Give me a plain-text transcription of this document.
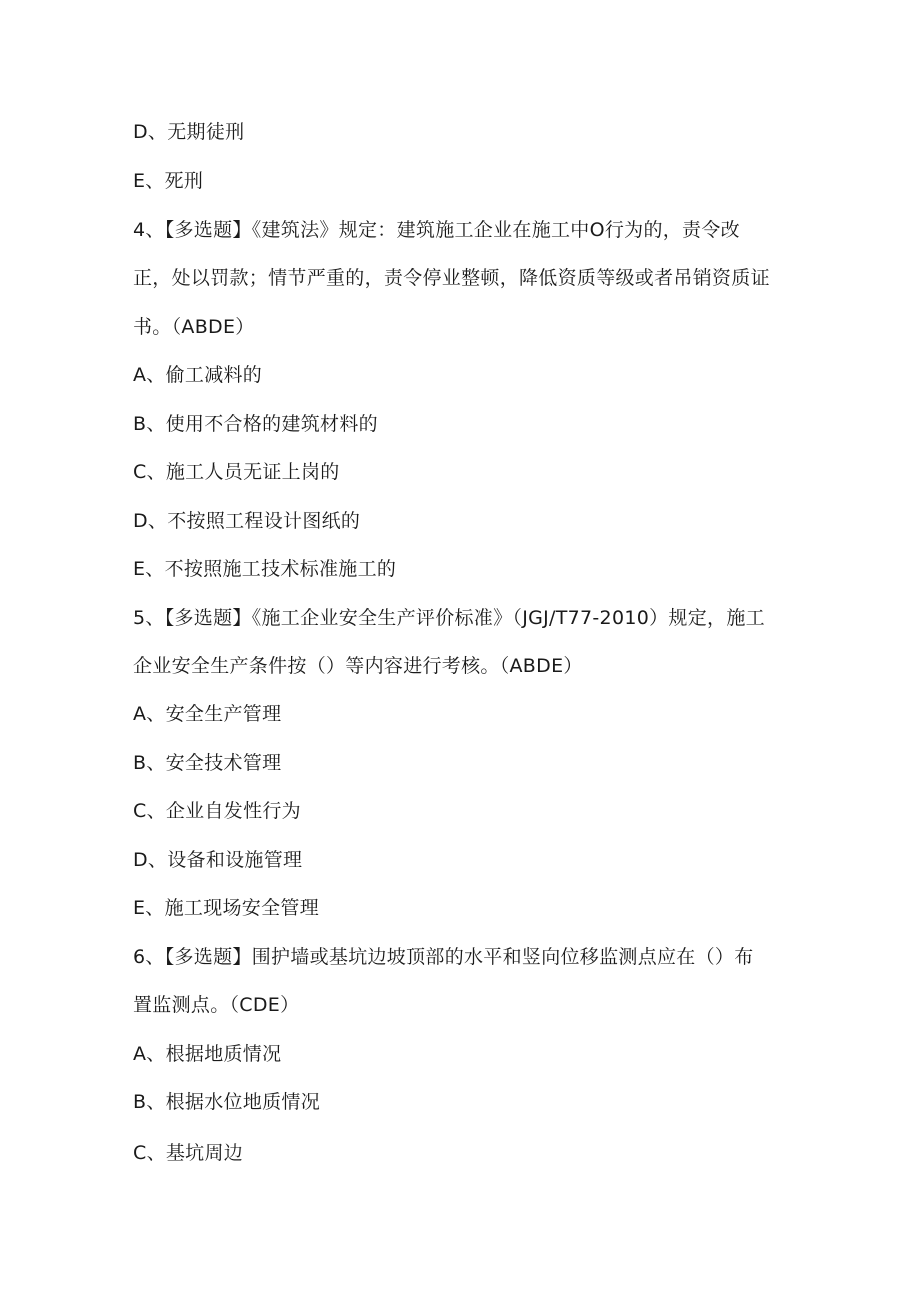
D、无期徒刑
E、死刑
4、【多选题】《建筑法》规定：建筑施工企业在施工中O行为的，责令改
正，处以罚款；情节严重的，责令停业整顿，降低资质等级或者吊销资质证
书。（ABDE）
A、偷工减料的
B、使用不合格的建筑材料的
C、施工人员无证上岗的
D、不按照工程设计图纸的
E、不按照施工技术标准施工的
5、【多选题】《施工企业安全生产评价标准》（JGJ/T77-2010）规定，施工
企业安全生产条件按（）等内容进行考核。（ABDE）
A、安全生产管理
B、安全技术管理
C、企业自发性行为
D、设备和设施管理
E、施工现场安全管理
6、【多选题】围护墙或基坑边坡顶部的水平和竖向位移监测点应在（）布
置监测点。（CDE）
A、根据地质情况
B、根据水位地质情况
C、基坑周边
